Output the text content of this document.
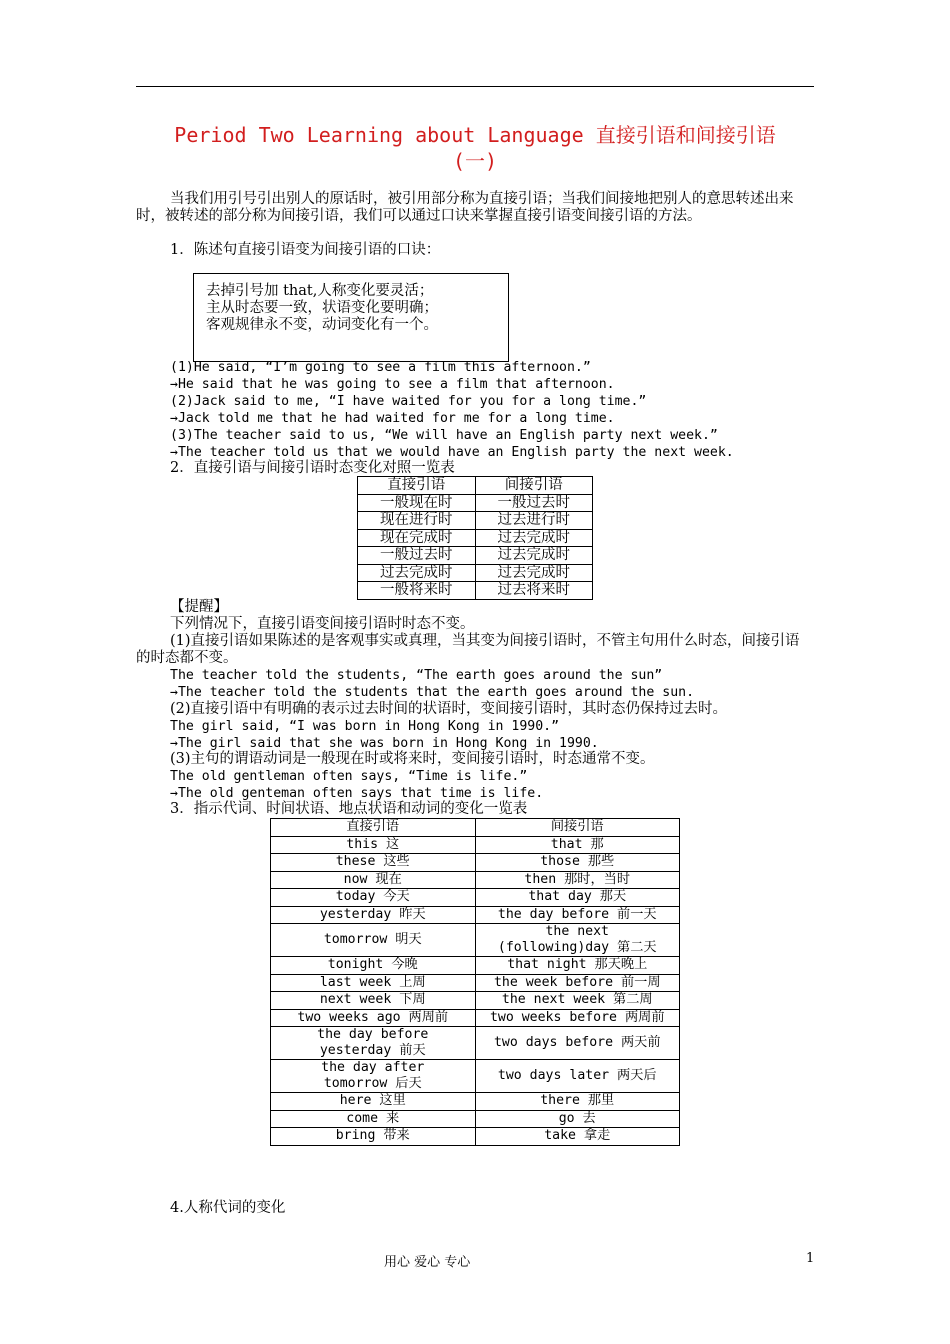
Period Two Learning about Language 直接引语和间接引语
(一)
当我们用引号引出别人的原话时，被引用部分称为直接引语；当我们间接地把别人的意思转述出来时，被转述的部分称为间接引语，我们可以通过口诀来掌握直接引语变间接引语的方法。
1．陈述句直接引语变为间接引语的口诀：
去掉引号加 that,人称变化要灵活；
主从时态要一致，状语变化要明确；
客观规律永不变，动词变化有一个。
(1)He said, “I’m going to see a film this afternoon.”
→He said that he was going to see a film that afternoon.
(2)Jack said to me, “I have waited for you for a long time.”
→Jack told me that he had waited for me for a long time.
(3)The teacher said to us, “We will have an English party next week.”
→The teacher told us that we would have an English party the next week.
2．直接引语与间接引语时态变化对照一览表
直接引语	间接引语
一般现在时	一般过去时
现在进行时	过去进行时
现在完成时	过去完成时
一般过去时	过去完成时
过去完成时	过去完成时
一般将来时	过去将来时
【提醒】
下列情况下，直接引语变间接引语时时态不变。
(1)直接引语如果陈述的是客观事实或真理，当其变为间接引语时，不管主句用什么时态，间接引语的时态都不变。
The teacher told the students, “The earth goes around the sun”
→The teacher told the students that the earth goes around the sun.
(2)直接引语中有明确的表示过去时间的状语时，变间接引语时，其时态仍保持过去时。
The girl said, “I was born in Hong Kong in 1990.”
→The girl said that she was born in Hong Kong in 1990.
(3)主句的谓语动词是一般现在时或将来时，变间接引语时，时态通常不变。
The old gentleman often says, “Time is life.”
→The old genteman often says that time is life.
3．指示代词、时间状语、地点状语和动词的变化一览表
直接引语	间接引语
this 这	that 那
these 这些	those 那些
now 现在	then 那时，当时
today 今天	that day 那天
yesterday 昨天	the day before 前一天
tomorrow 明天	the next (following)day 第二天
tonight 今晚	that night 那天晚上
last week 上周	the week before 前一周
next week 下周	the next week 第二周
two weeks ago 两周前	two weeks before 两周前
the day before yesterday 前天	two days before 两天前
the day after tomorrow 后天	two days later 两天后
here 这里	there 那里
come 来	go 去
bring 带来	take 拿走
4.人称代词的变化
用心 爱心 专心	1
